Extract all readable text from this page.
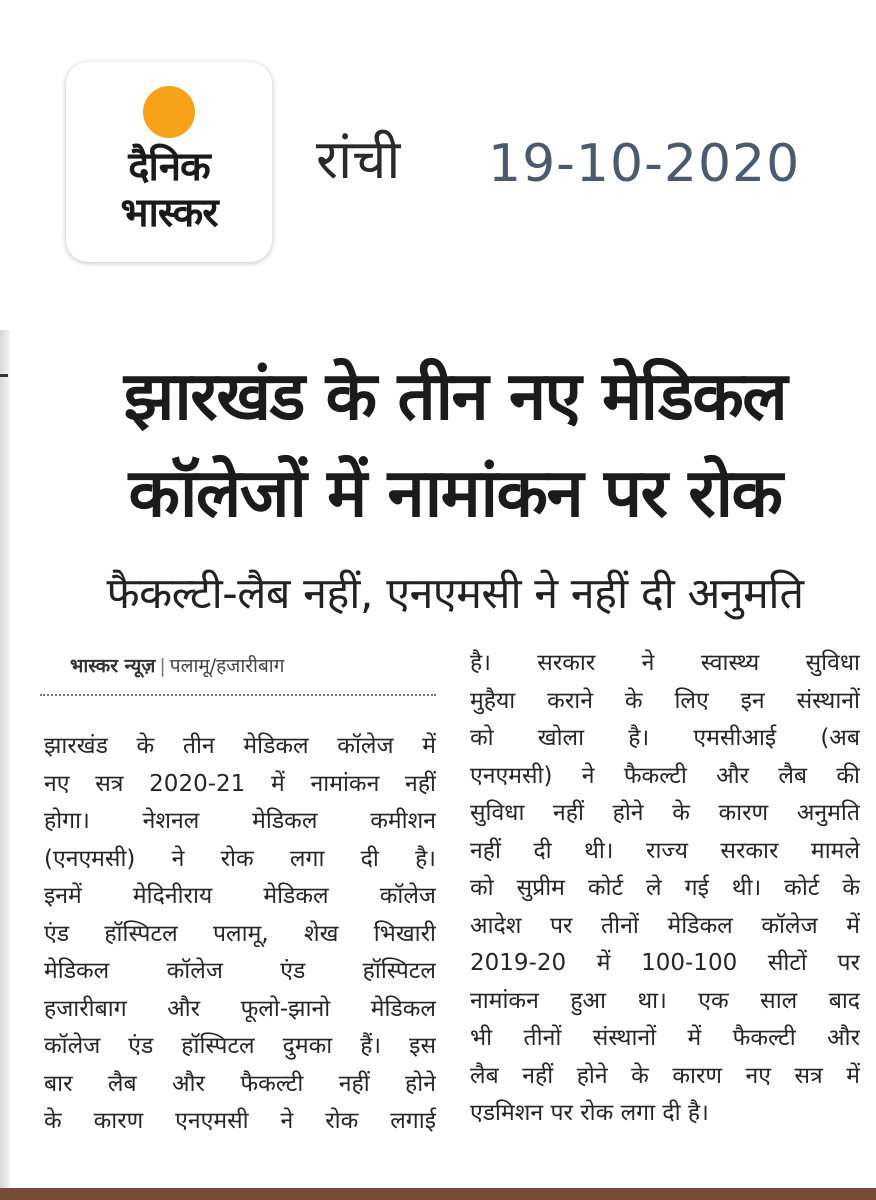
दैनिक
भास्कर
रांची 19-10-2020
झारखंड के तीन नए मेडिकल
कॉलेजों में नामांकन पर रोक
फैकल्टी-लैब नहीं, एनएमसी ने नहीं दी अनुमति
भास्कर न्यूज़ | पलामू/हजारीबाग
झारखंड के तीन मेडिकल कॉलेज में
नए सत्र 2020-21 में नामांकन नहीं
होगा। नेशनल मेडिकल कमीशन
(एनएमसी) ने रोक लगा दी है।
इनमें मेदिनीराय मेडिकल कॉलेज
एंड हॉस्पिटल पलामू, शेख भिखारी
मेडिकल कॉलेज एंड हॉस्पिटल
हजारीबाग और फूलो-झानो मेडिकल
कॉलेज एंड हॉस्पिटल दुमका हैं। इस
बार लैब और फैकल्टी नहीं होने
के कारण एनएमसी ने रोक लगाई
है। सरकार ने स्वास्थ्य सुविधा
मुहैया कराने के लिए इन संस्थानों
को खोला है। एमसीआई (अब
एनएमसी) ने फैकल्टी और लैब की
सुविधा नहीं होने के कारण अनुमति
नहीं दी थी। राज्य सरकार मामले
को सुप्रीम कोर्ट ले गई थी। कोर्ट के
आदेश पर तीनों मेडिकल कॉलेज में
2019-20 में 100-100 सीटों पर
नामांकन हुआ था। एक साल बाद
भी तीनों संस्थानों में फैकल्टी और
लैब नहीं होने के कारण नए सत्र में
एडमिशन पर रोक लगा दी है।
